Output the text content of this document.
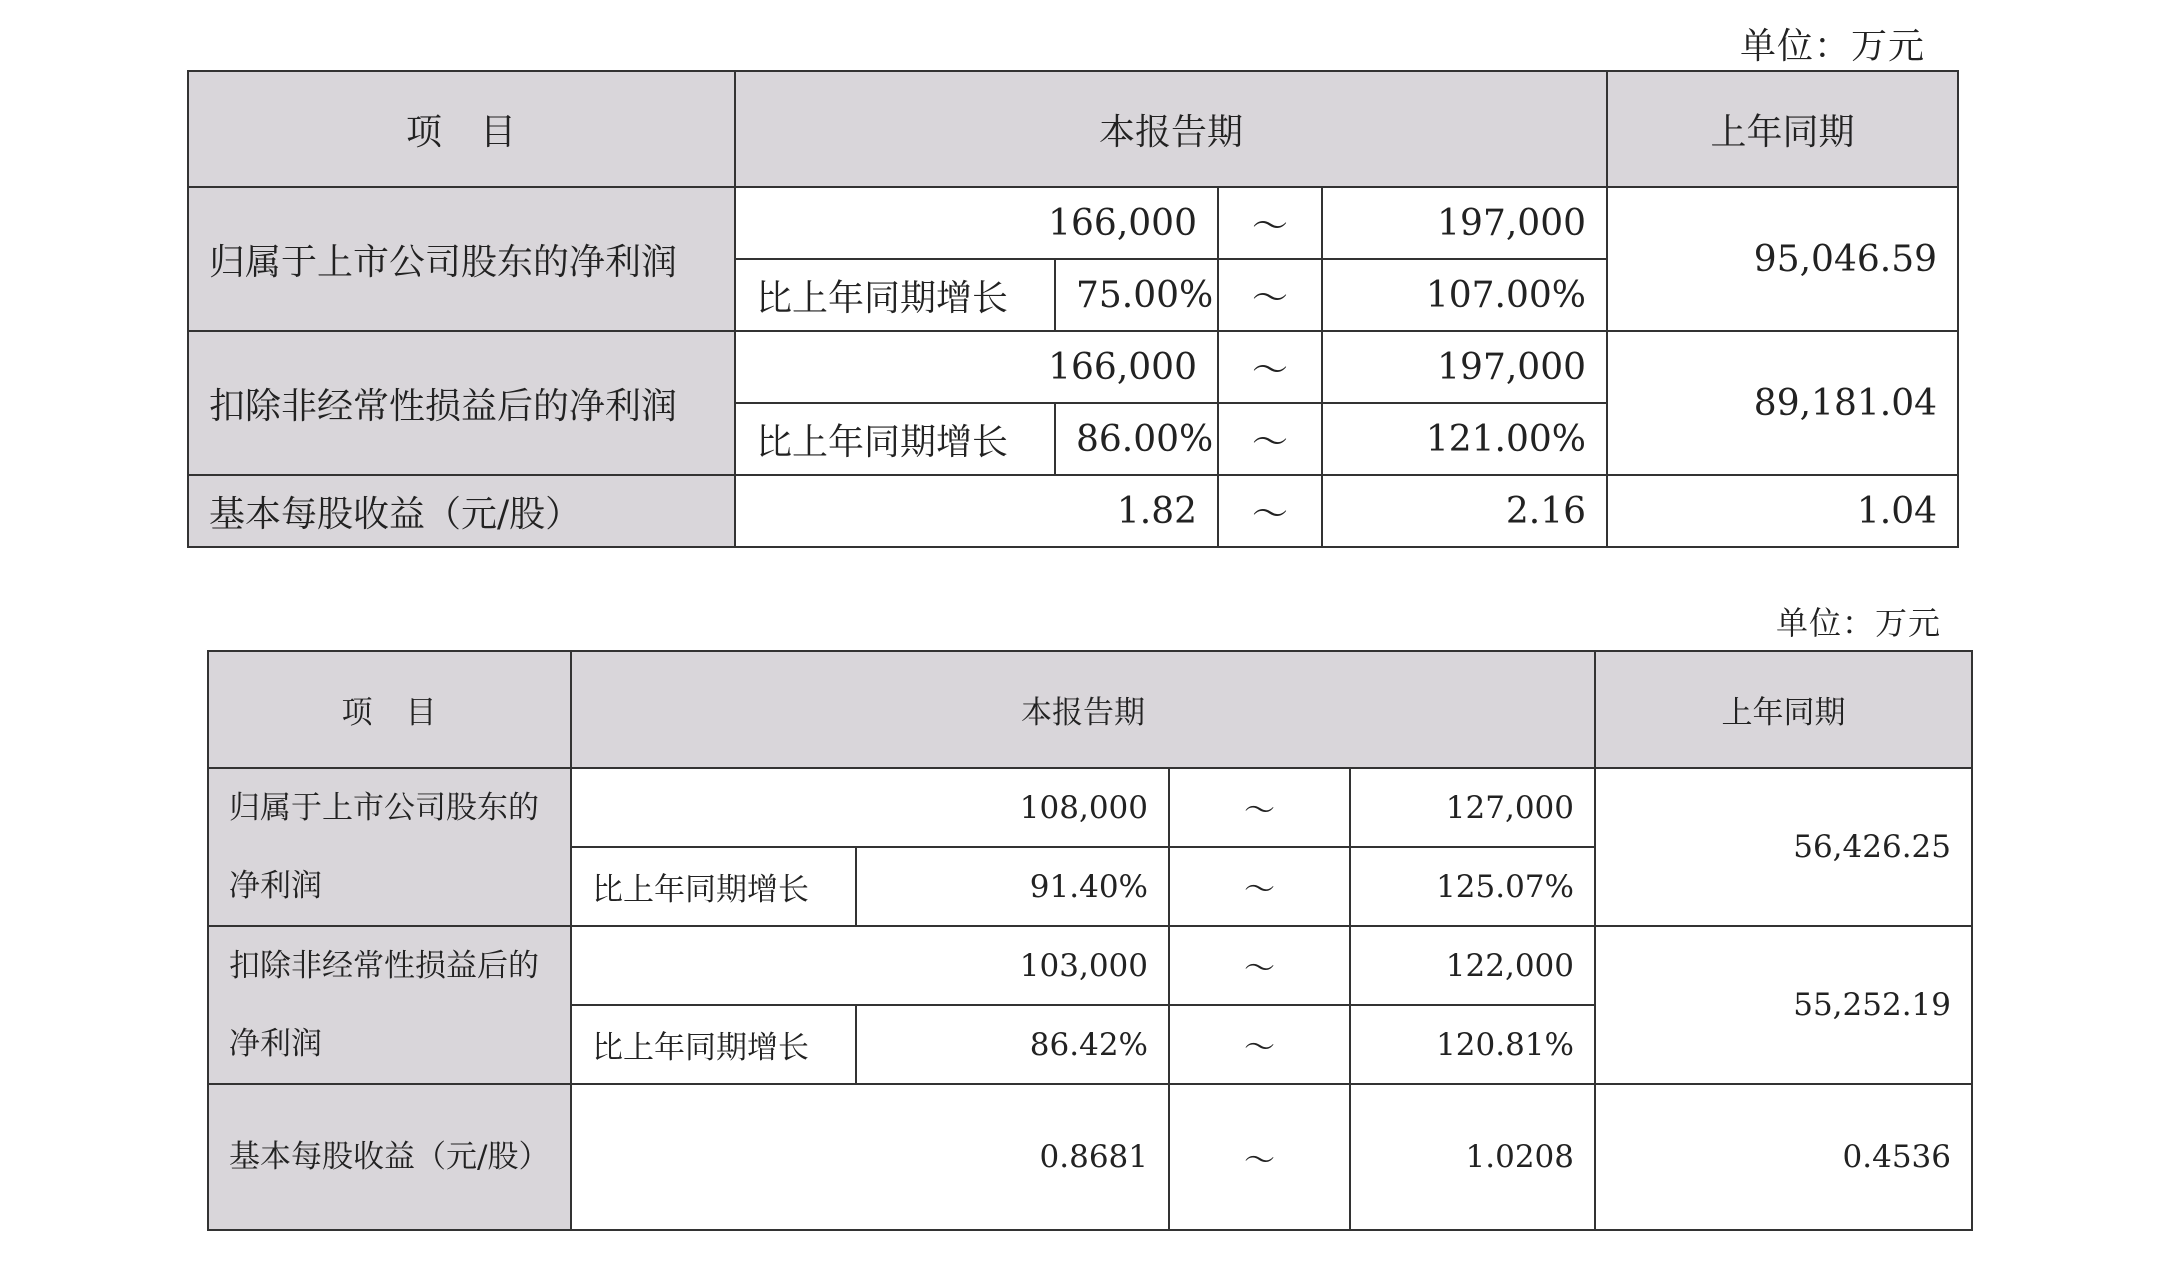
单位：万元
项　目	本报告期				上年同期
归属于上市公司股东的净利润	166,000		～	197,000	95,046.59
	比上年同期增长	75.00%	～	107.00%	
扣除非经常性损益后的净利润	166,000		～	197,000	89,181.04
	比上年同期增长	86.00%	～	121.00%	
基本每股收益（元/股）	1.82		～	2.16	1.04
单位：万元
项　目	本报告期				上年同期
归属于上市公司股东的净利润	108,000		～	127,000	56,426.25
	比上年同期增长	91.40%	～	125.07%	
扣除非经常性损益后的净利润	103,000		～	122,000	55,252.19
	比上年同期增长	86.42%	～	120.81%	
基本每股收益（元/股）	0.8681		～	1.0208	0.4536
